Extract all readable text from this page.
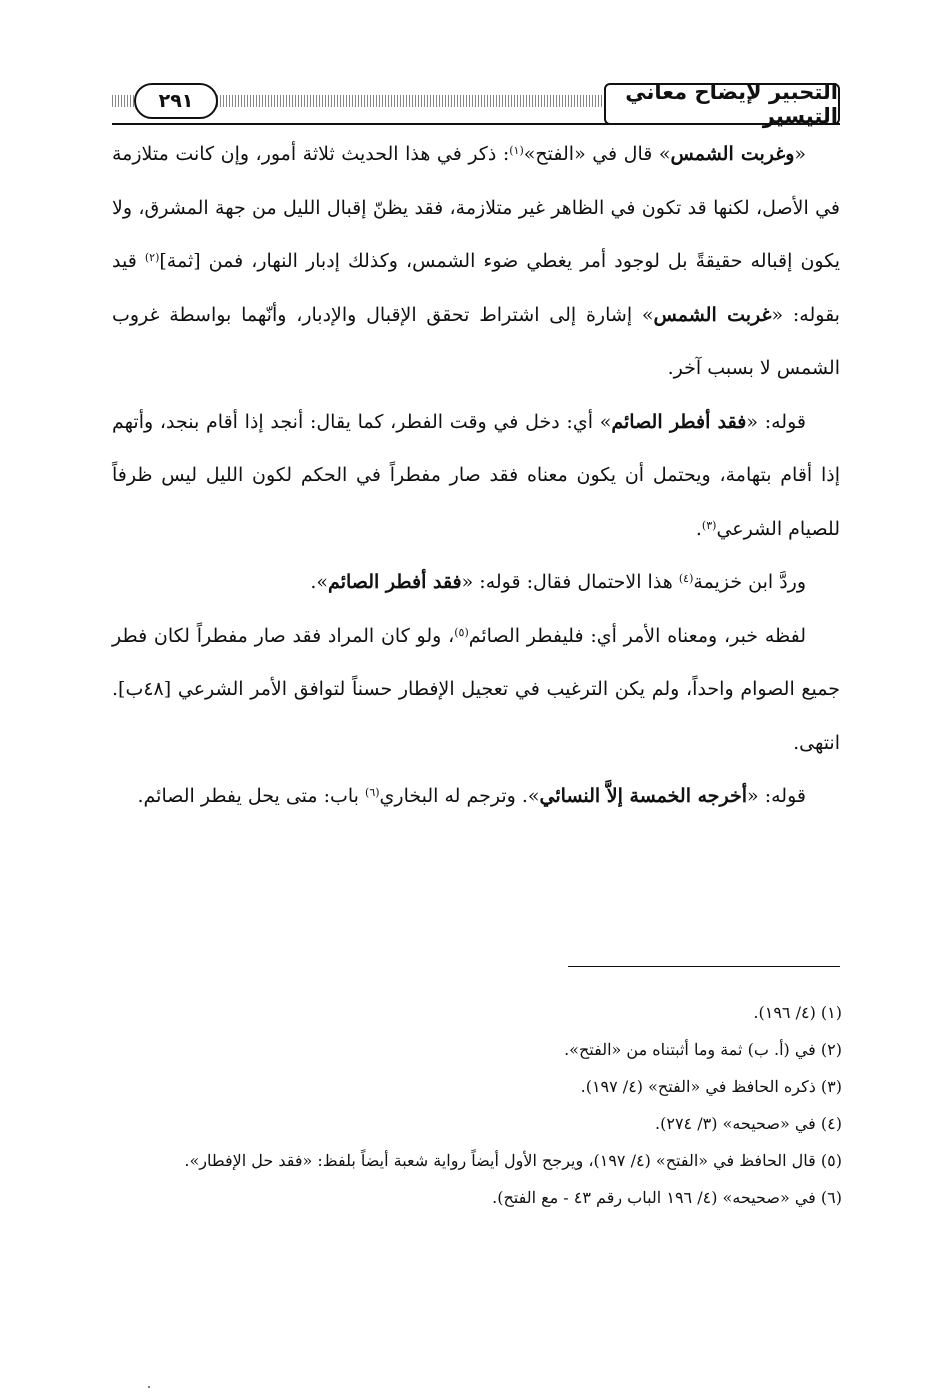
التحبير لإيضاح معاني التيسير
٢٩١

«وغربت الشمس» قال في «الفتح»$^{(١)}$: ذكر في هذا الحديث ثلاثة أمور، وإن كانت متلازمة في الأصل، لكنها قد تكون في الظاهر غير متلازمة، فقد يظنّ إقبال الليل من جهة المشرق، ولا يكون إقباله حقيقةً بل لوجود أمر يغطي ضوء الشمس، وكذلك إدبار النهار، فمن [ثمة]$^{(٢)}$ قيد بقوله: «غربت الشمس» إشارة إلى اشتراط تحقق الإقبال والإدبار، وأنّهما بواسطة غروب الشمس لا بسبب آخر.

قوله: «فقد أفطر الصائم» أي: دخل في وقت الفطر، كما يقال: أنجد إذا أقام بنجد، وأتهم إذا أقام بتهامة، ويحتمل أن يكون معناه فقد صار مفطراً في الحكم لكون الليل ليس ظرفاً للصيام الشرعي$^{(٣)}$.

وردَّ ابن خزيمة$^{(٤)}$ هذا الاحتمال فقال: قوله: «فقد أفطر الصائم».

لفظه خبر، ومعناه الأمر أي: فليفطر الصائم$^{(٥)}$، ولو كان المراد فقد صار مفطراً لكان فطر جميع الصوام واحداً، ولم يكن الترغيب في تعجيل الإفطار حسناً لتوافق الأمر الشرعي [٤٨ب]. انتهى.

قوله: «أخرجه الخمسة إلاَّ النسائي». وترجم له البخاري$^{(٦)}$ باب: متى يحل يفطر الصائم.

(١) (٤/ ١٩٦).

(٢) في (أ. ب) ثمة وما أثبتناه من «الفتح».

(٣) ذكره الحافظ في «الفتح» (٤/ ١٩٧).

(٤) في «صحيحه» (٣/ ٢٧٤).

(٥) قال الحافظ في «الفتح» (٤/ ١٩٧)، ويرجح الأول أيضاً رواية شعبة أيضاً بلفظ: «فقد حل الإفطار».

(٦) في «صحيحه» (٤/ ١٩٦ الباب رقم ٤٣ - مع الفتح).
